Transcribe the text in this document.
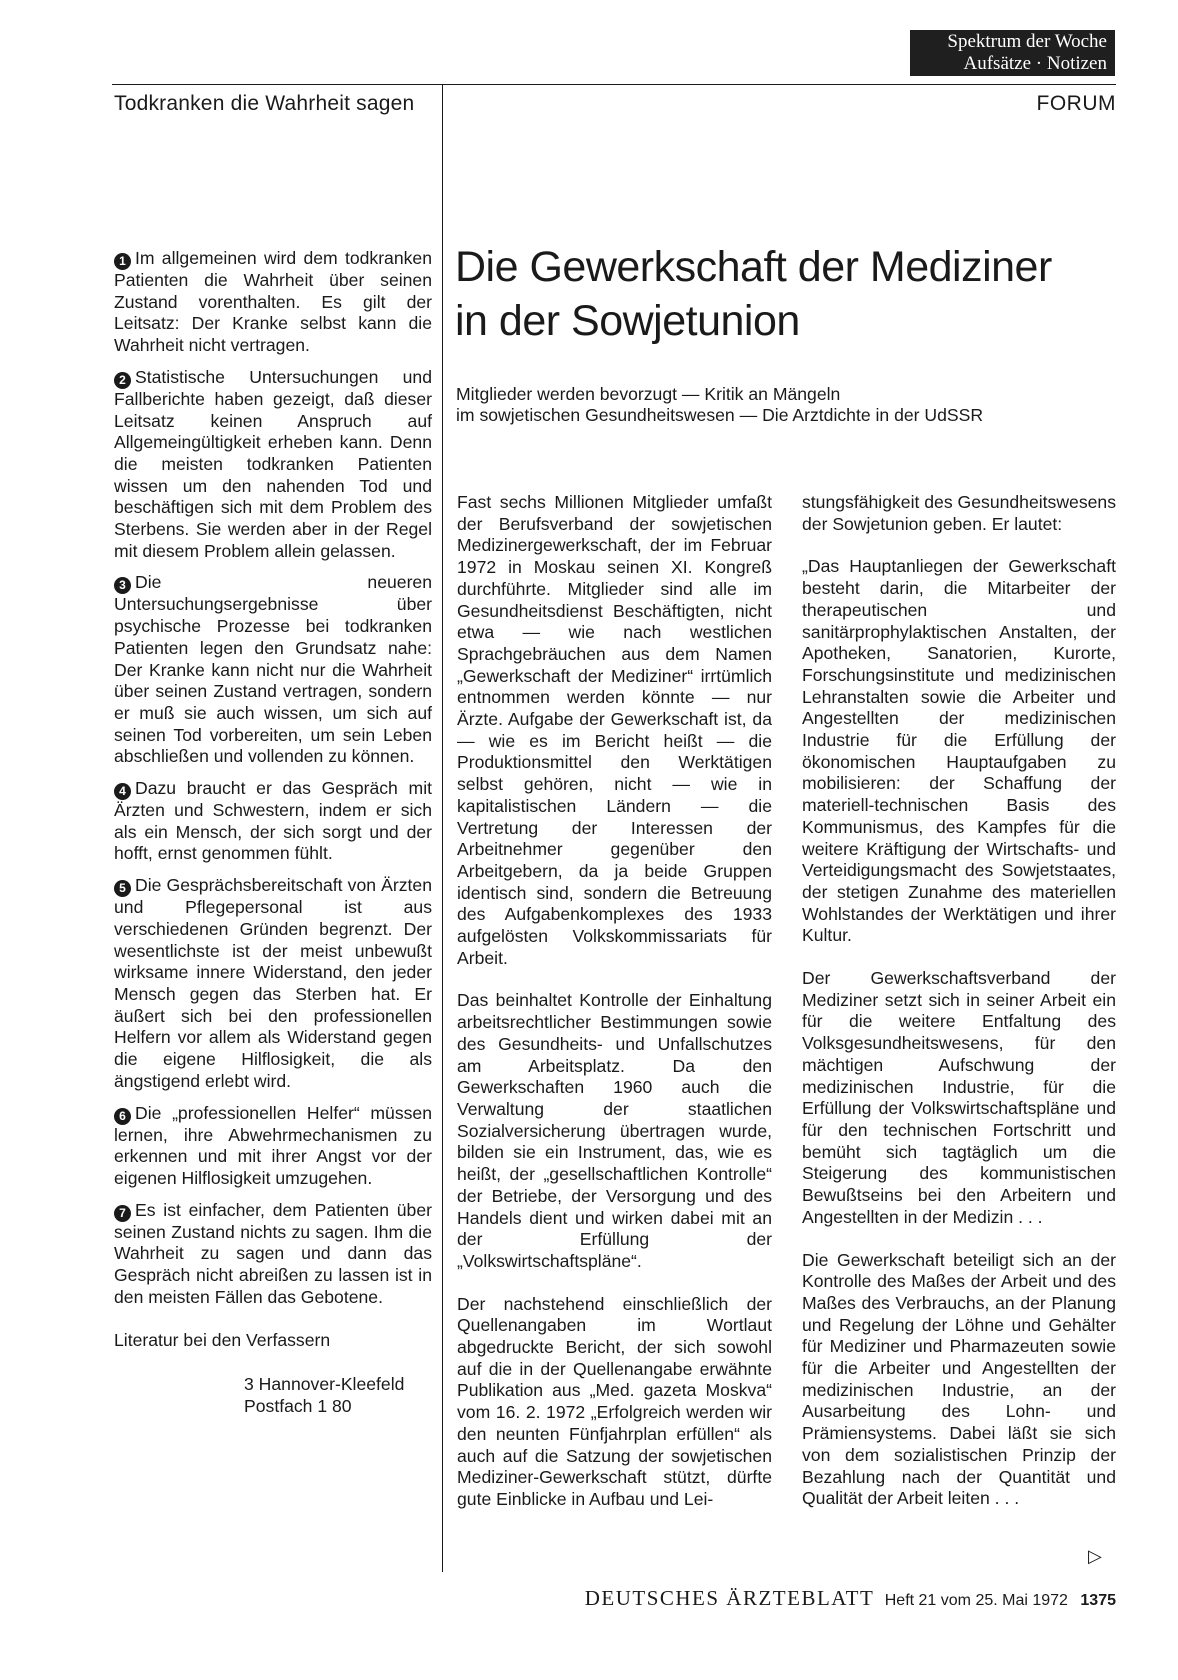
Spektrum der Woche
Aufsätze · Notizen
Todkranken die Wahrheit sagen	FORUM

1 Im allgemeinen wird dem todkranken Patienten die Wahrheit über seinen Zustand vorenthalten. Es gilt der Leitsatz: Der Kranke selbst kann die Wahrheit nicht vertragen.

2 Statistische Untersuchungen und Fallberichte haben gezeigt, daß dieser Leitsatz keinen Anspruch auf Allgemeingültigkeit erheben kann. Denn die meisten todkranken Patienten wissen um den nahenden Tod und beschäftigen sich mit dem Problem des Sterbens. Sie werden aber in der Regel mit diesem Problem allein gelassen.

3 Die neueren Untersuchungsergebnisse über psychische Prozesse bei todkranken Patienten legen den Grundsatz nahe: Der Kranke kann nicht nur die Wahrheit über seinen Zustand vertragen, sondern er muß sie auch wissen, um sich auf seinen Tod vorbereiten, um sein Leben abschließen und vollenden zu können.

4 Dazu braucht er das Gespräch mit Ärzten und Schwestern, indem er sich als ein Mensch, der sich sorgt und der hofft, ernst genommen fühlt.

5 Die Gesprächsbereitschaft von Ärzten und Pflegepersonal ist aus verschiedenen Gründen begrenzt. Der wesentlichste ist der meist unbewußt wirksame innere Widerstand, den jeder Mensch gegen das Sterben hat. Er äußert sich bei den professionellen Helfern vor allem als Widerstand gegen die eigene Hilflosigkeit, die als ängstigend erlebt wird.

6 Die „professionellen Helfer“ müssen lernen, ihre Abwehrmechanismen zu erkennen und mit ihrer Angst vor der eigenen Hilflosigkeit umzugehen.

7 Es ist einfacher, dem Patienten über seinen Zustand nichts zu sagen. Ihm die Wahrheit zu sagen und dann das Gespräch nicht abreißen zu lassen ist in den meisten Fällen das Gebotene.

Literatur bei den Verfassern

3 Hannover-Kleefeld
Postfach 1 80

Die Gewerkschaft der Mediziner
in der Sowjetunion
Mitglieder werden bevorzugt — Kritik an Mängeln
im sowjetischen Gesundheitswesen — Die Arztdichte in der UdSSR

Fast sechs Millionen Mitglieder umfaßt der Berufsverband der sowjetischen Medizinergewerkschaft, der im Februar 1972 in Moskau seinen XI. Kongreß durchführte. Mitglieder sind alle im Gesundheitsdienst Beschäftigten, nicht etwa — wie nach westlichen Sprachgebräuchen aus dem Namen „Gewerkschaft der Mediziner“ irrtümlich entnommen werden könnte — nur Ärzte. Aufgabe der Gewerkschaft ist, da — wie es im Bericht heißt — die Produktionsmittel den Werktätigen selbst gehören, nicht — wie in kapitalistischen Ländern — die Vertretung der Interessen der Arbeitnehmer gegenüber den Arbeitgebern, da ja beide Gruppen identisch sind, sondern die Betreuung des Aufgabenkomplexes des 1933 aufgelösten Volkskommissariats für Arbeit.

Das beinhaltet Kontrolle der Einhaltung arbeitsrechtlicher Bestimmungen sowie des Gesundheits- und Unfallschutzes am Arbeitsplatz. Da den Gewerkschaften 1960 auch die Verwaltung der staatlichen Sozialversicherung übertragen wurde, bilden sie ein Instrument, das, wie es heißt, der „gesellschaftlichen Kontrolle“ der Betriebe, der Versorgung und des Handels dient und wirken dabei mit an der Erfüllung der „Volkswirtschaftspläne“.

Der nachstehend einschließlich der Quellenangaben im Wortlaut abgedruckte Bericht, der sich sowohl auf die in der Quellenangabe erwähnte Publikation aus „Med. gazeta Moskva“ vom 16. 2. 1972 „Erfolgreich werden wir den neunten Fünfjahrplan erfüllen“ als auch auf die Satzung der sowjetischen Mediziner-Gewerkschaft stützt, dürfte gute Einblicke in Aufbau und Lei-

stungsfähigkeit des Gesundheitswesens der Sowjetunion geben. Er lautet:

„Das Hauptanliegen der Gewerkschaft besteht darin, die Mitarbeiter der therapeutischen und sanitärprophylaktischen Anstalten, der Apotheken, Sanatorien, Kurorte, Forschungsinstitute und medizinischen Lehranstalten sowie die Arbeiter und Angestellten der medizinischen Industrie für die Erfüllung der ökonomischen Hauptaufgaben zu mobilisieren: der Schaffung der materiell-technischen Basis des Kommunismus, des Kampfes für die weitere Kräftigung der Wirtschafts- und Verteidigungsmacht des Sowjetstaates, der stetigen Zunahme des materiellen Wohlstandes der Werktätigen und ihrer Kultur.

Der Gewerkschaftsverband der Mediziner setzt sich in seiner Arbeit ein für die weitere Entfaltung des Volksgesundheitswesens, für den mächtigen Aufschwung der medizinischen Industrie, für die Erfüllung der Volkswirtschaftspläne und für den technischen Fortschritt und bemüht sich tagtäglich um die Steigerung des kommunistischen Bewußtseins bei den Arbeitern und Angestellten in der Medizin . . .

Die Gewerkschaft beteiligt sich an der Kontrolle des Maßes der Arbeit und des Maßes des Verbrauchs, an der Planung und Regelung der Löhne und Gehälter für Mediziner und Pharmazeuten sowie für die Arbeiter und Angestellten der medizinischen Industrie, an der Ausarbeitung des Lohn- und Prämiensystems. Dabei läßt sie sich von dem sozialistischen Prinzip der Bezahlung nach der Quantität und Qualität der Arbeit leiten . . .

▷
DEUTSCHES ÄRZTEBLATT Heft 21 vom 25. Mai 1972 1375
